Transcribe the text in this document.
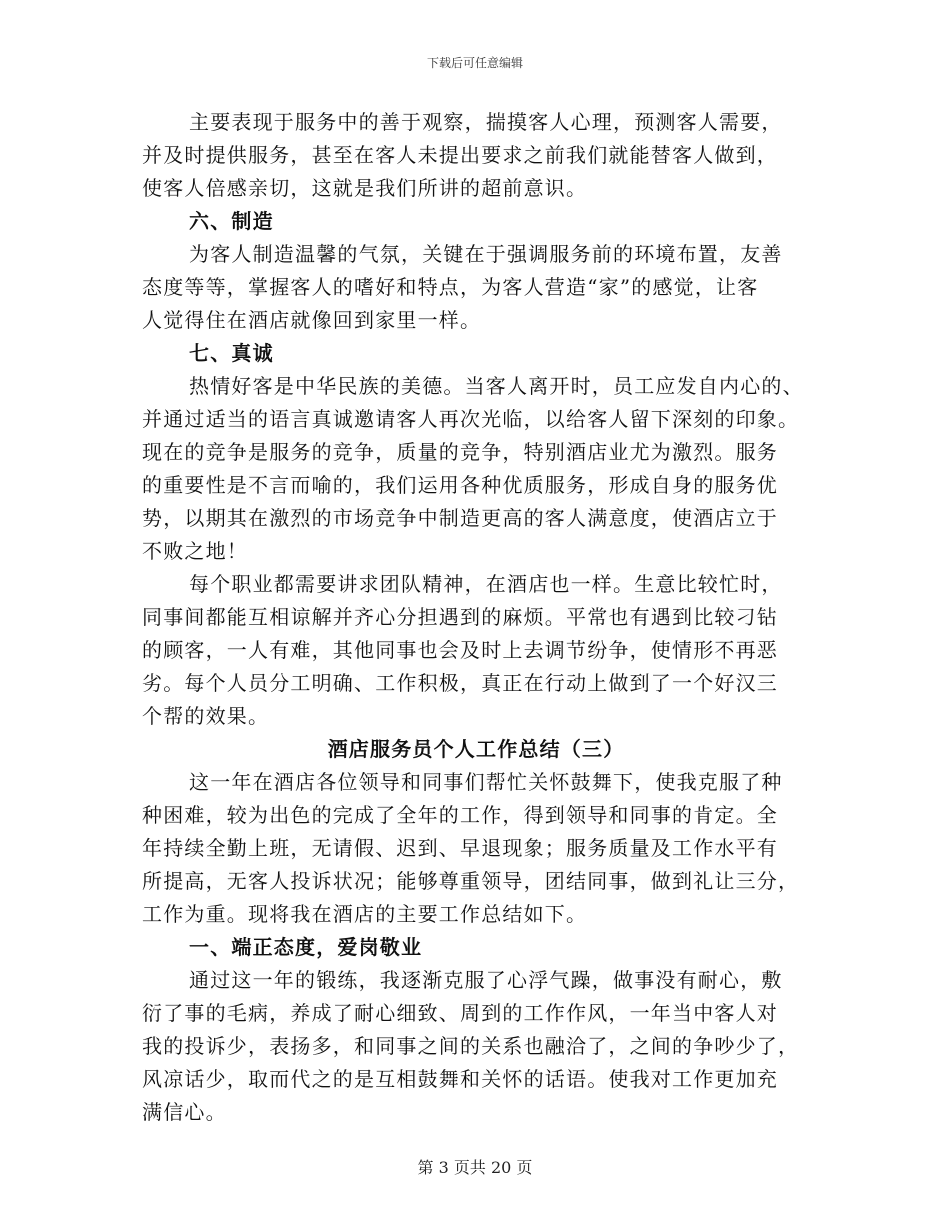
下载后可任意编辑
主要表现于服务中的善于观察，揣摸客人心理，预测客人需要，
并及时提供服务，甚至在客人未提出要求之前我们就能替客人做到，
使客人倍感亲切，这就是我们所讲的超前意识。
六、制造
为客人制造温馨的气氛，关键在于强调服务前的环境布置，友善
态度等等，掌握客人的嗜好和特点，为客人营造“家”的感觉，让客
人觉得住在酒店就像回到家里一样。
七、真诚
热情好客是中华民族的美德。当客人离开时，员工应发自内心的、
并通过适当的语言真诚邀请客人再次光临，以给客人留下深刻的印象。
现在的竞争是服务的竞争，质量的竞争，特别酒店业尤为激烈。服务
的重要性是不言而喻的，我们运用各种优质服务，形成自身的服务优
势，以期其在激烈的市场竞争中制造更高的客人满意度，使酒店立于
不败之地！
每个职业都需要讲求团队精神，在酒店也一样。生意比较忙时，
同事间都能互相谅解并齐心分担遇到的麻烦。平常也有遇到比较刁钻
的顾客，一人有难，其他同事也会及时上去调节纷争，使情形不再恶
劣。每个人员分工明确、工作积极，真正在行动上做到了一个好汉三
个帮的效果。
酒店服务员个人工作总结（三）
这一年在酒店各位领导和同事们帮忙关怀鼓舞下，使我克服了种
种困难，较为出色的完成了全年的工作，得到领导和同事的肯定。全
年持续全勤上班，无请假、迟到、早退现象；服务质量及工作水平有
所提高，无客人投诉状况；能够尊重领导，团结同事，做到礼让三分，
工作为重。现将我在酒店的主要工作总结如下。
一、端正态度，爱岗敬业
通过这一年的锻练，我逐渐克服了心浮气躁，做事没有耐心，敷
衍了事的毛病，养成了耐心细致、周到的工作作风，一年当中客人对
我的投诉少，表扬多，和同事之间的关系也融洽了，之间的争吵少了，
风凉话少，取而代之的是互相鼓舞和关怀的话语。使我对工作更加充
满信心。
第 3 页共 20 页
